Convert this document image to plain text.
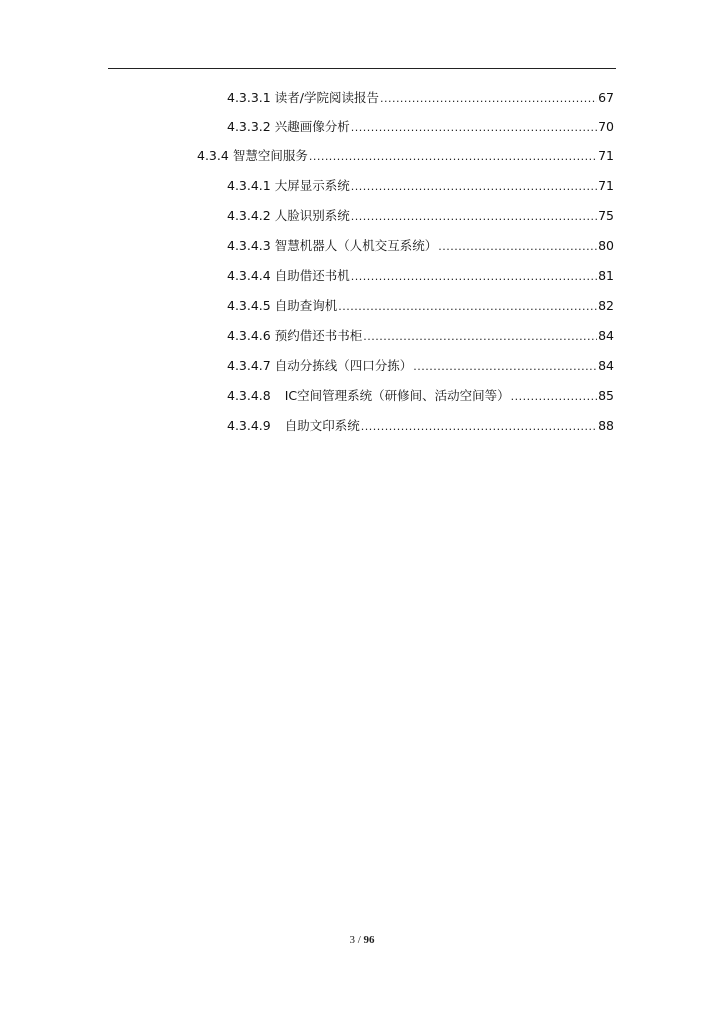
4.3.3.1 读者/学院阅读报告 .....	67
4.3.3.2 兴趣画像分析 .....	70
4.3.4 智慧空间服务 .....	71
4.3.4.1 大屏显示系统 .....	71
4.3.4.2 人脸识别系统 .....	75
4.3.4.3 智慧机器人（人机交互系统） .....	80
4.3.4.4 自助借还书机 .....	81
4.3.4.5 自助查询机 .....	82
4.3.4.6 预约借还书书柜 .....	84
4.3.4.7 自动分拣线（四口分拣） .....	84
4.3.4.8	IC空间管理系统（研修间、活动空间等） .....	85
4.3.4.9	自助文印系统 .....	88
3 / 96
